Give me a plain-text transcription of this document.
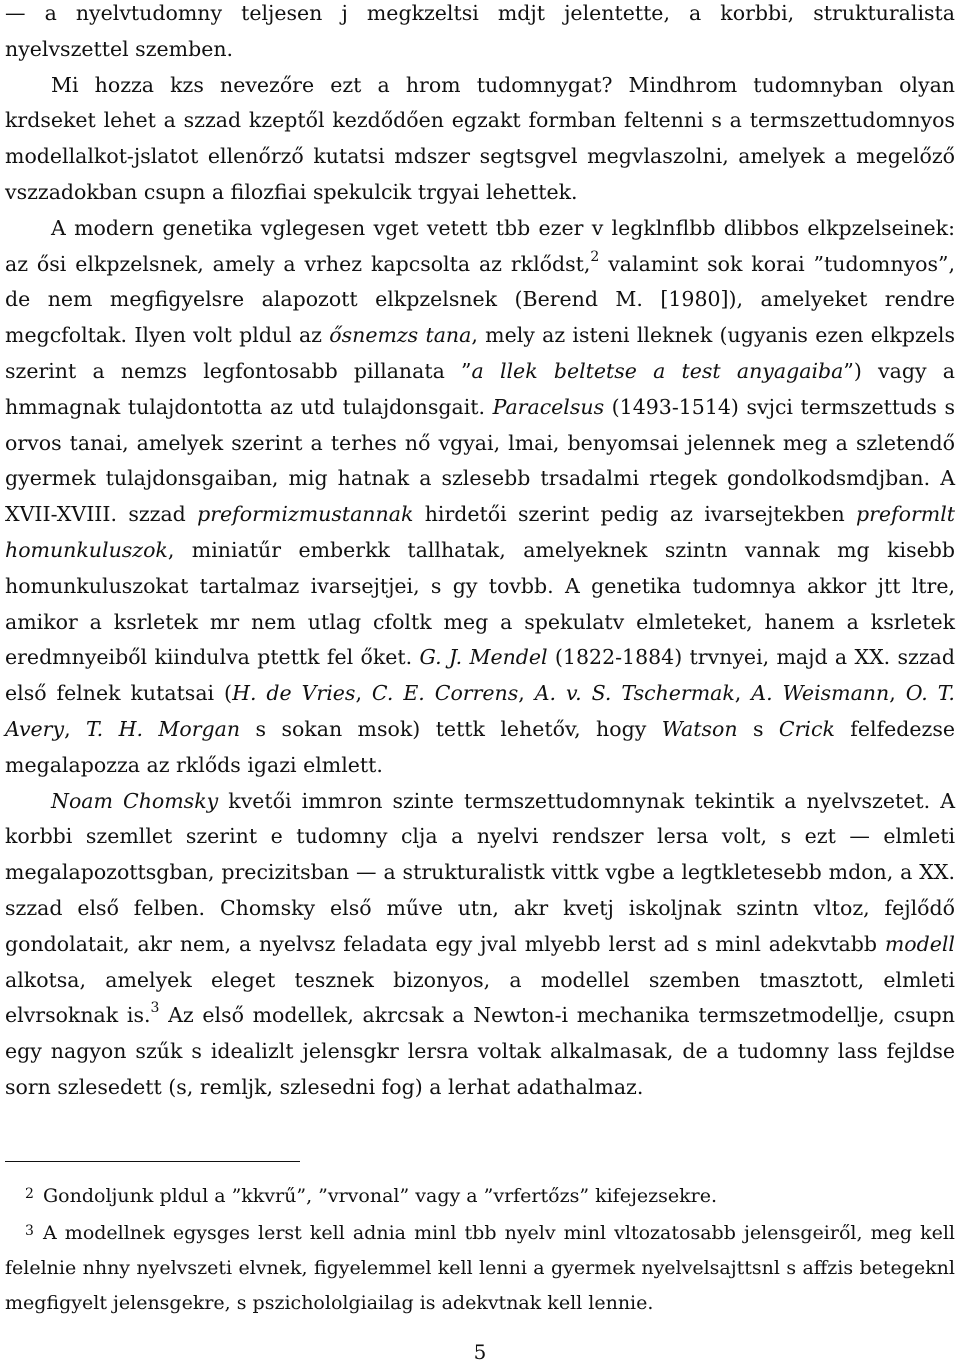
— a nyelvtudomny teljesen j megkzeltsi mdjt jelentette, a korbbi, strukturalista nyelvszettel szemben.

Mi hozza kzs nevezőre ezt a hrom tudomnygat? Mindhrom tudomnyban olyan krdseket lehet a szzad kzeptől kezdődően egzakt formban feltenni s a termszettudomnyos modellalkot-jslatot ellenőrző kutatsi mdszer segtsgvel megvlaszolni, amelyek a megelőző vszzadokban csupn a filozfiai spekulcik trgyai lehettek.

A modern genetika vglegesen vget vetett tbb ezer v legklnflbb dlibbos elkpzelseinek: az ősi elkpzelsnek, amely a vrhez kapcsolta az rklődst,$^2$ valamint sok korai ”tudomnyos”, de nem megfigyelsre alapozott elkpzelsnek (Berend M. [1980]), amelyeket rendre megcfoltak. Ilyen volt pldul az ősnemzs tana, mely az isteni lleknek (ugyanis ezen elkpzels szerint a nemzs legfontosabb pillanata ”a llek beltetse a test anyagaiba”) vagy a hmmagnak tulajdontotta az utd tulajdonsgait. Paracelsus (1493-1514) svjci termszettuds s orvos tanai, amelyek szerint a terhes nő vgyai, lmai, benyomsai jelennek meg a szletendő gyermek tulajdonsgaiban, mig hatnak a szlesebb trsadalmi rtegek gondolkodsmdjban. A XVII-XVIII. szzad preformizmustannak hirdetői szerint pedig az ivarsejtekben preformlt homunkuluszok, miniatűr emberkk tallhatak, amelyeknek szintn vannak mg kisebb homunkuluszokat tartalmaz ivarsejtjei, s gy tovbb. A genetika tudomnya akkor jtt ltre, amikor a ksrletek mr nem utlag cfoltk meg a spekulatv elmleteket, hanem a ksrletek eredmnyeiből kiindulva ptettk fel őket. G. J. Mendel (1822-1884) trvnyei, majd a XX. szzad első felnek kutatsai (H. de Vries, C. E. Correns, A. v. S. Tschermak, A. Weismann, O. T. Avery, T. H. Morgan s sokan msok) tettk lehetőv, hogy Watson s Crick felfedezse megalapozza az rklőds igazi elmlett.

Noam Chomsky kvetői immron szinte termszettudomnynak tekintik a nyelvszetet. A korbbi szemllet szerint e tudomny clja a nyelvi rendszer lersa volt, s ezt — elmleti megalapozottsgban, precizitsban — a strukturalistk vittk vgbe a legtkletesebb mdon, a XX. szzad első felben. Chomsky első műve utn, akr kvetj iskoljnak szintn vltoz, fejlődő gondolatait, akr nem, a nyelvsz feladata egy jval mlyebb lerst ad s minl adekvtabb modell alkotsa, amelyek eleget tesznek bizonyos, a modellel szemben tmasztott, elmleti elvrsoknak is.$^3$ Az első modellek, akrcsak a Newton-i mechanika termszetmodellje, csupn egy nagyon szűk s idealizlt jelensgkr lersra voltak alkalmasak, de a tudomny lass fejldse sorn szlesedett (s, remljk, szlesedni fog) a lerhat adathalmaz.

2 Gondoljunk pldul a ”kkvrű”, ”vrvonal” vagy a ”vrfertőzs” kifejezsekre.

3 A modellnek egysges lerst kell adnia minl tbb nyelv minl vltozatosabb jelensgeiről, meg kell felelnie nhny nyelvszeti elvnek, figyelemmel kell lenni a gyermek nyelvelsajttsnl s affzis betegeknl megfigyelt jelensgekre, s pszichololgiailag is adekvtnak kell lennie.

5
